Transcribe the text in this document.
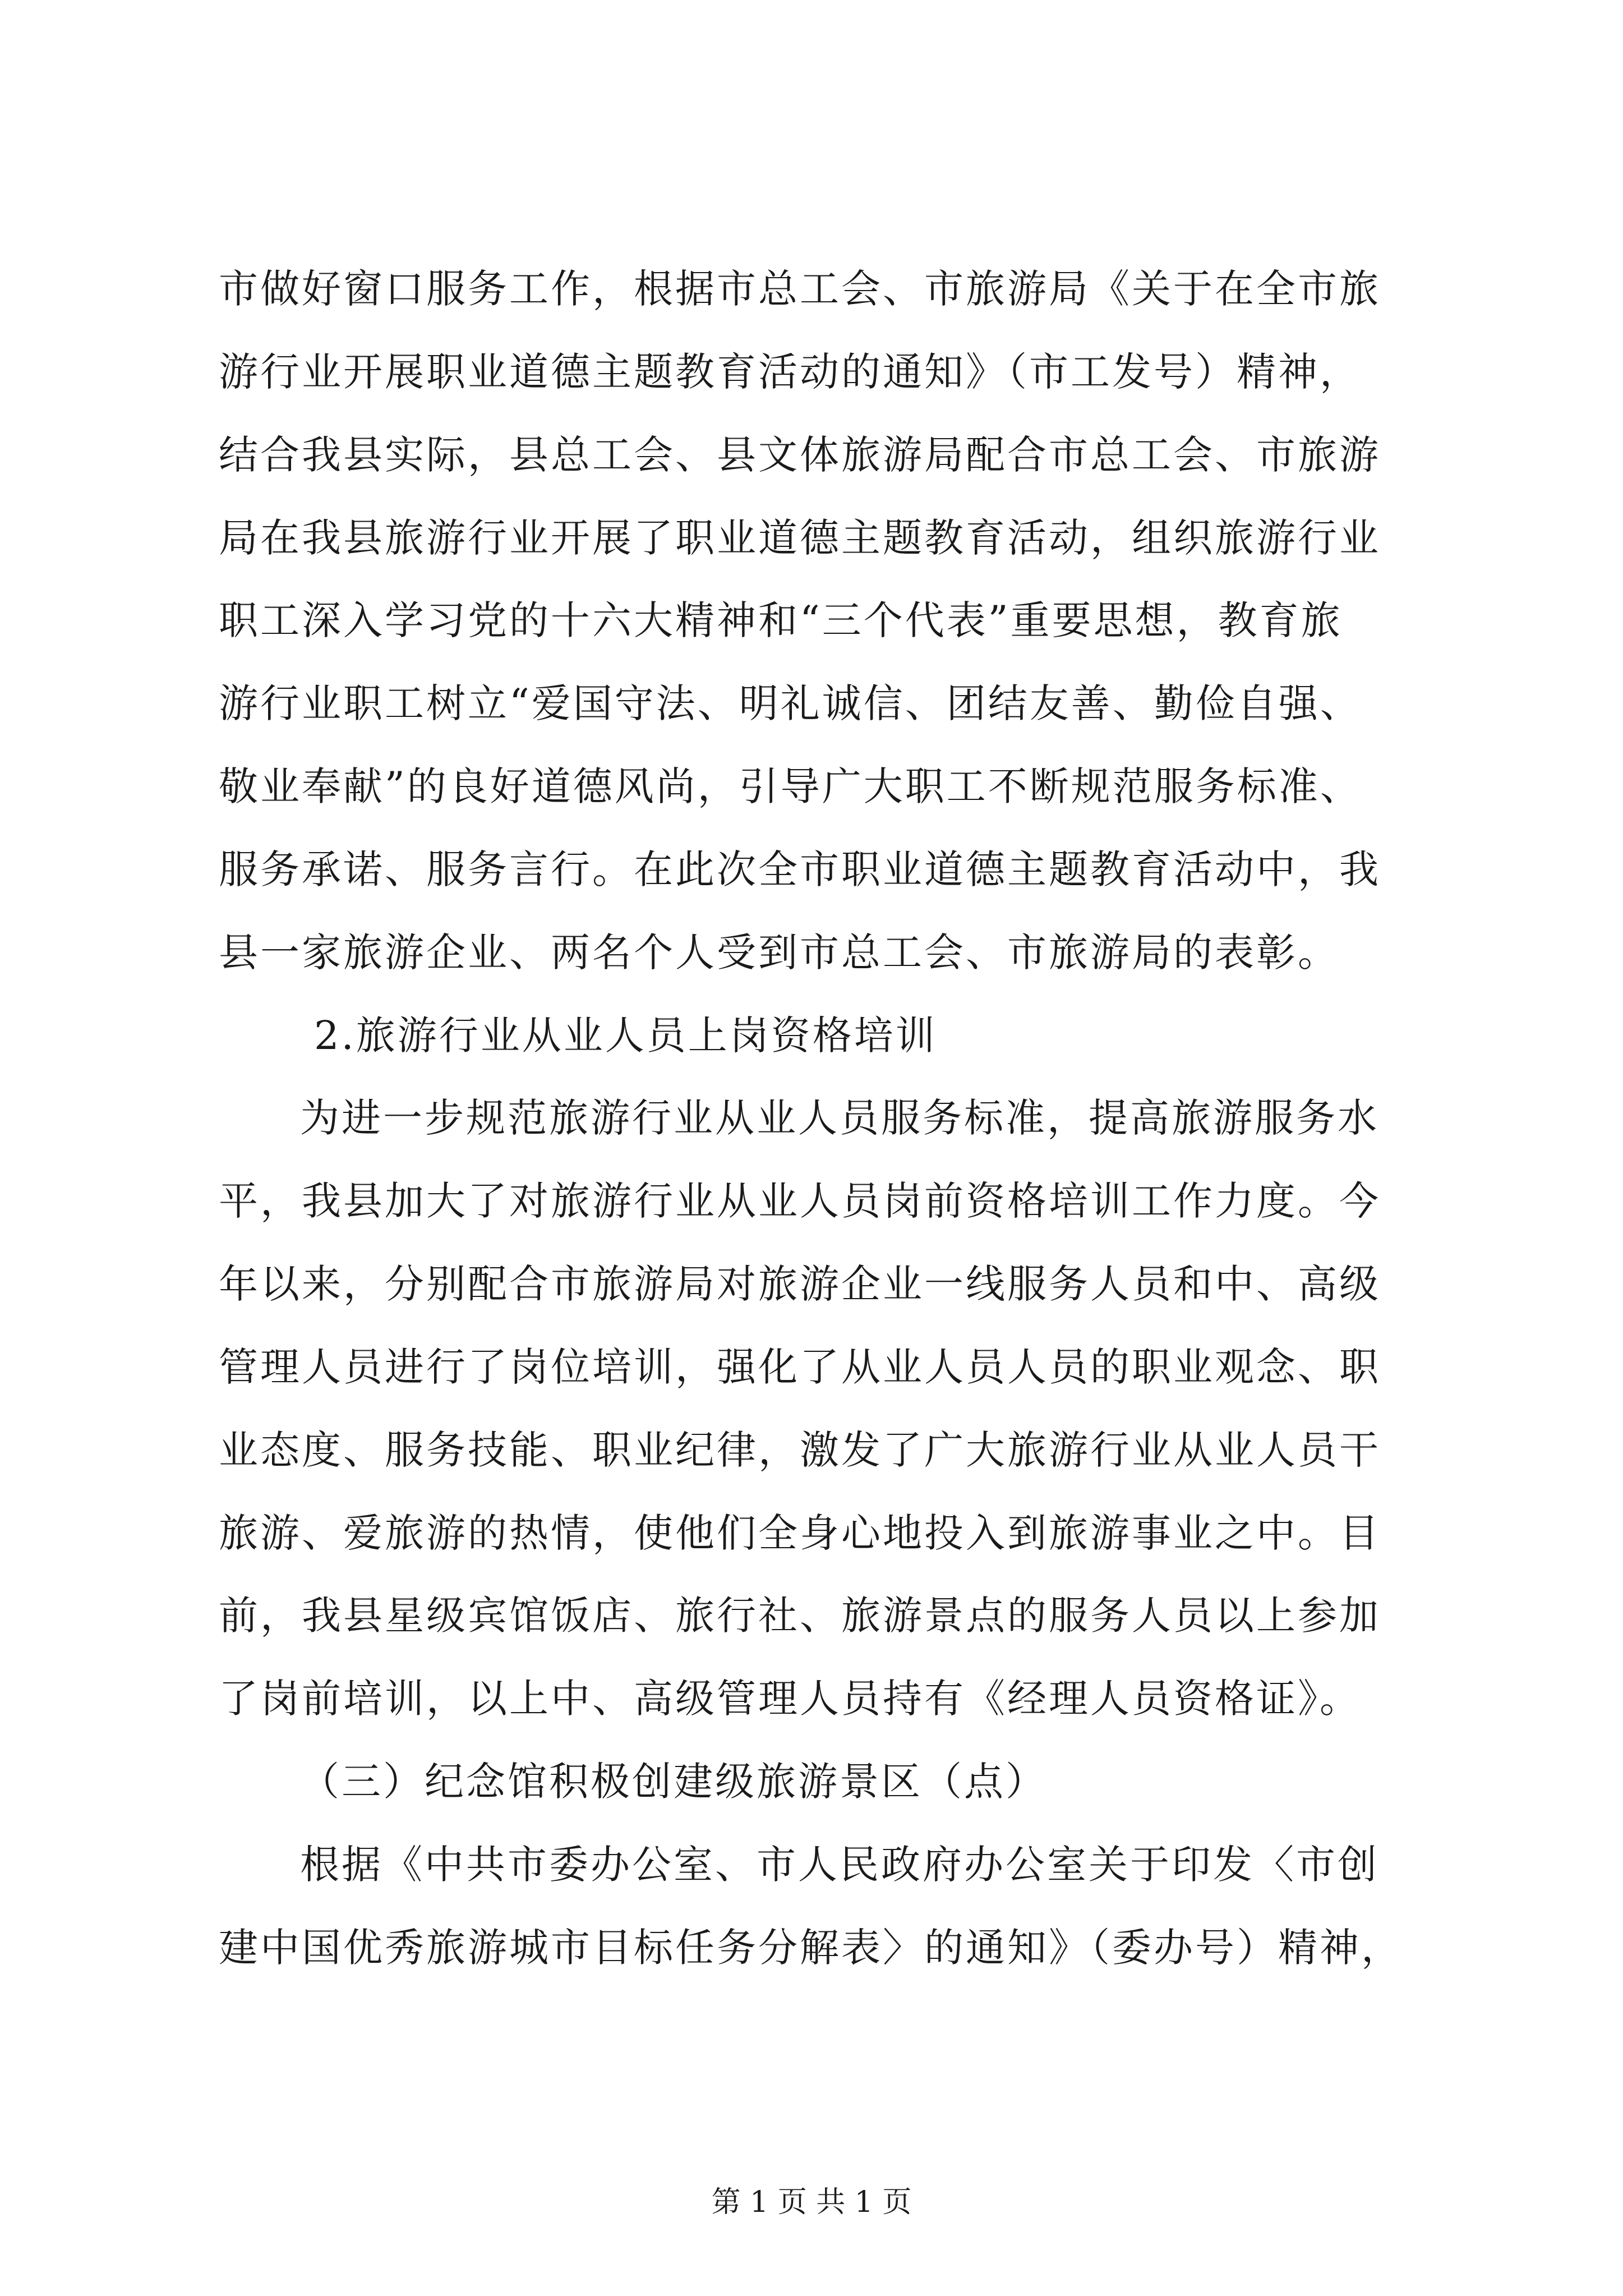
市做好窗口服务工作，根据市总工会、市旅游局《关于在全市旅
游行业开展职业道德主题教育活动的通知》（市工发号）精神，
结合我县实际，县总工会、县文体旅游局配合市总工会、市旅游
局在我县旅游行业开展了职业道德主题教育活动，组织旅游行业
职工深入学习党的十六大精神和“三个代表”重要思想，教育旅
游行业职工树立“爱国守法、明礼诚信、团结友善、勤俭自强、
敬业奉献”的良好道德风尚，引导广大职工不断规范服务标准、
服务承诺、服务言行。在此次全市职业道德主题教育活动中，我
县一家旅游企业、两名个人受到市总工会、市旅游局的表彰。
2.旅游行业从业人员上岗资格培训
为进一步规范旅游行业从业人员服务标准，提高旅游服务水
平，我县加大了对旅游行业从业人员岗前资格培训工作力度。今
年以来，分别配合市旅游局对旅游企业一线服务人员和中、高级
管理人员进行了岗位培训，强化了从业人员人员的职业观念、职
业态度、服务技能、职业纪律，激发了广大旅游行业从业人员干
旅游、爱旅游的热情，使他们全身心地投入到旅游事业之中。目
前，我县星级宾馆饭店、旅行社、旅游景点的服务人员以上参加
了岗前培训，以上中、高级管理人员持有《经理人员资格证》。
（三）纪念馆积极创建级旅游景区（点）
根据《中共市委办公室、市人民政府办公室关于印发〈市创
建中国优秀旅游城市目标任务分解表〉的通知》（委办号）精神，
第 1 页 共 1 页
